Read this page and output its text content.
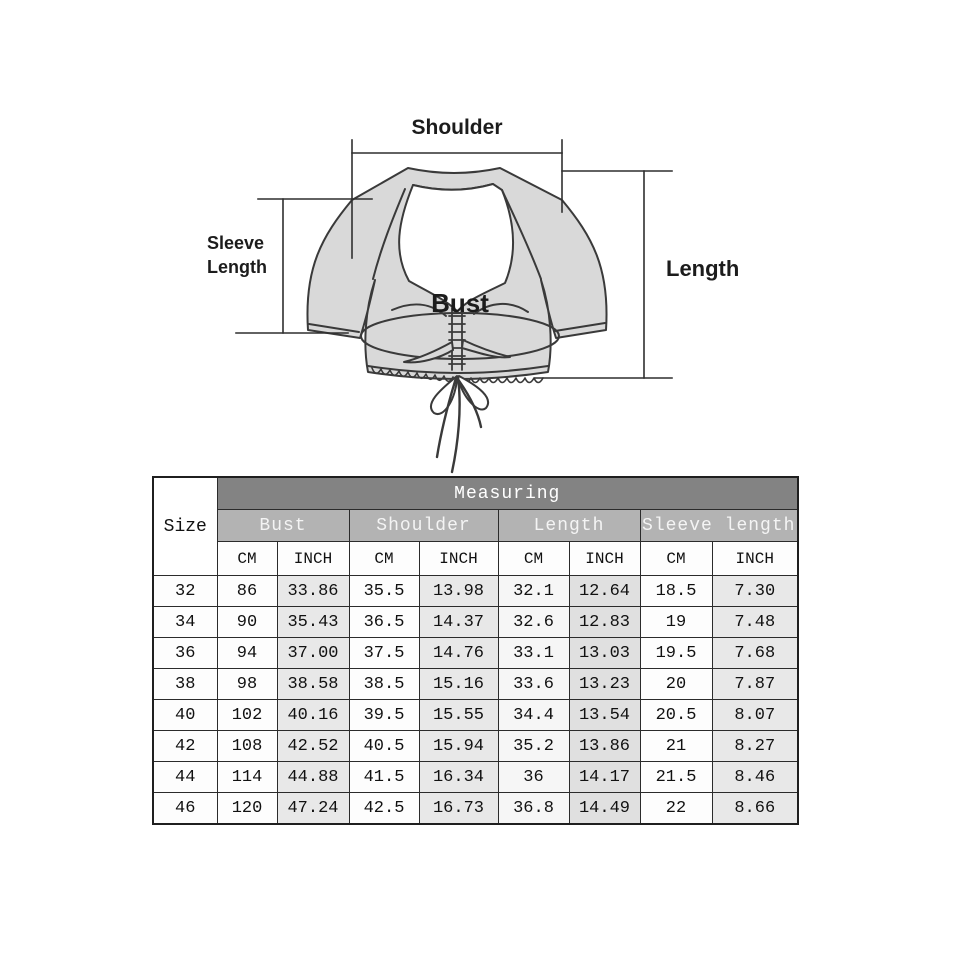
Shoulder
Sleeve
Length	Length
Bust
Size	Measuring							
	Bust		Shoulder		Length		Sleeve length	
	CM	INCH	CM	INCH	CM	INCH	CM	INCH
32	86	33.86	35.5	13.98	32.1	12.64	18.5	7.30
34	90	35.43	36.5	14.37	32.6	12.83	19	7.48
36	94	37.00	37.5	14.76	33.1	13.03	19.5	7.68
38	98	38.58	38.5	15.16	33.6	13.23	20	7.87
40	102	40.16	39.5	15.55	34.4	13.54	20.5	8.07
42	108	42.52	40.5	15.94	35.2	13.86	21	8.27
44	114	44.88	41.5	16.34	36	14.17	21.5	8.46
46	120	47.24	42.5	16.73	36.8	14.49	22	8.66
